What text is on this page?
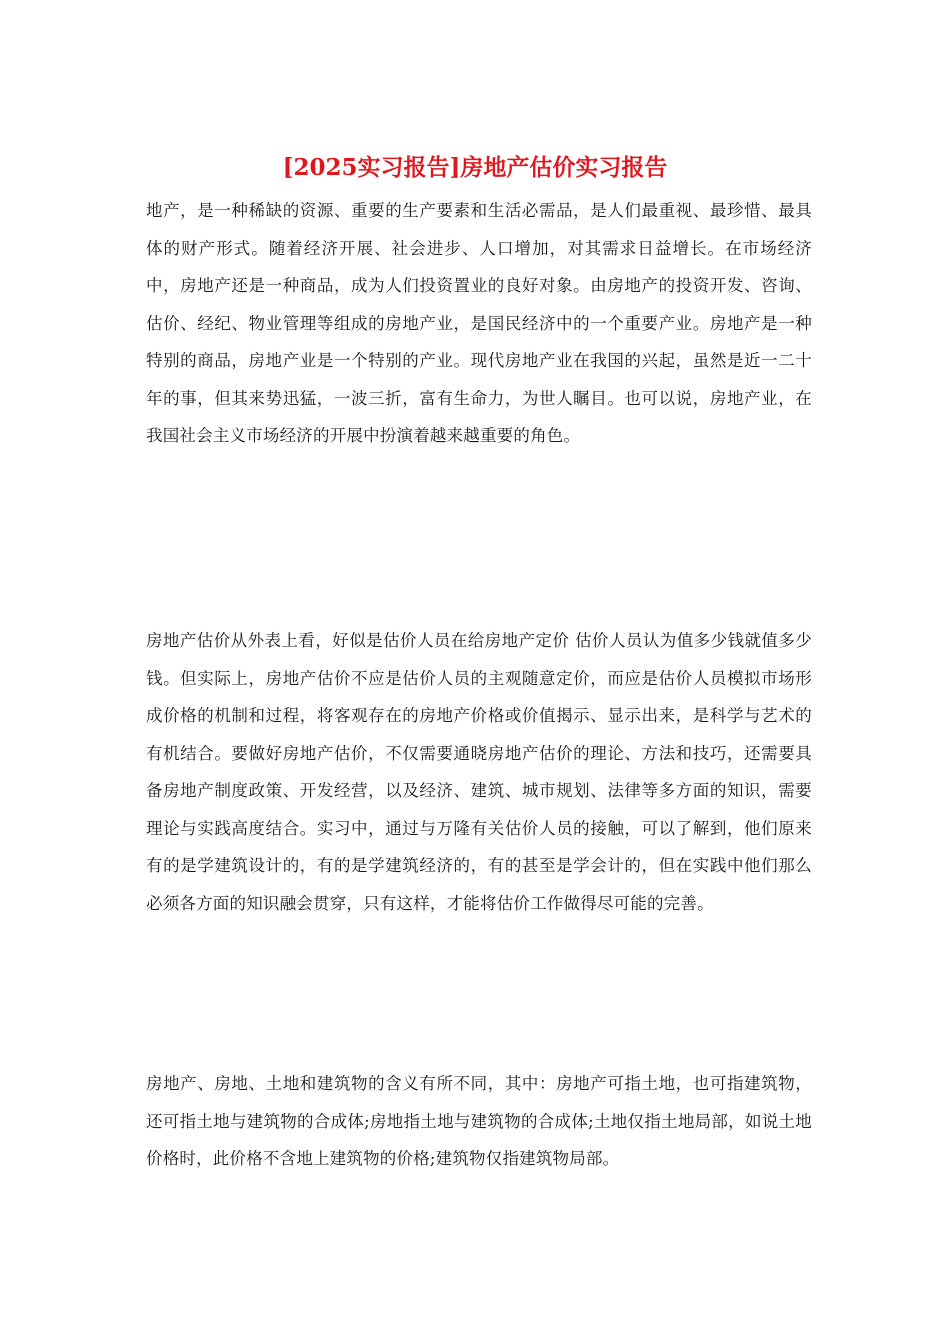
[2025实习报告]房地产估价实习报告

地产，是一种稀缺的资源、重要的生产要素和生活必需品，是人们最重视、最珍惜、最具体的财产形式。随着经济开展、社会进步、人口增加，对其需求日益增长。在市场经济中，房地产还是一种商品，成为人们投资置业的良好对象。由房地产的投资开发、咨询、估价、经纪、物业管理等组成的房地产业，是国民经济中的一个重要产业。房地产是一种特别的商品，房地产业是一个特别的产业。现代房地产业在我国的兴起，虽然是近一二十年的事，但其来势迅猛，一波三折，富有生命力，为世人瞩目。也可以说，房地产业，在我国社会主义市场经济的开展中扮演着越来越重要的角色。

房地产估价从外表上看，好似是估价人员在给房地产定价 估价人员认为值多少钱就值多少钱。但实际上，房地产估价不应是估价人员的主观随意定价，而应是估价人员模拟市场形成价格的机制和过程，将客观存在的房地产价格或价值揭示、显示出来，是科学与艺术的有机结合。要做好房地产估价，不仅需要通晓房地产估价的理论、方法和技巧，还需要具备房地产制度政策、开发经营，以及经济、建筑、城市规划、法律等多方面的知识，需要理论与实践高度结合。实习中，通过与万隆有关估价人员的接触，可以了解到，他们原来有的是学建筑设计的，有的是学建筑经济的，有的甚至是学会计的，但在实践中他们那么必须各方面的知识融会贯穿，只有这样，才能将估价工作做得尽可能的完善。

房地产、房地、土地和建筑物的含义有所不同，其中：房地产可指土地，也可指建筑物，还可指土地与建筑物的合成体;房地指土地与建筑物的合成体;土地仅指土地局部，如说土地价格时，此价格不含地上建筑物的价格;建筑物仅指建筑物局部。
